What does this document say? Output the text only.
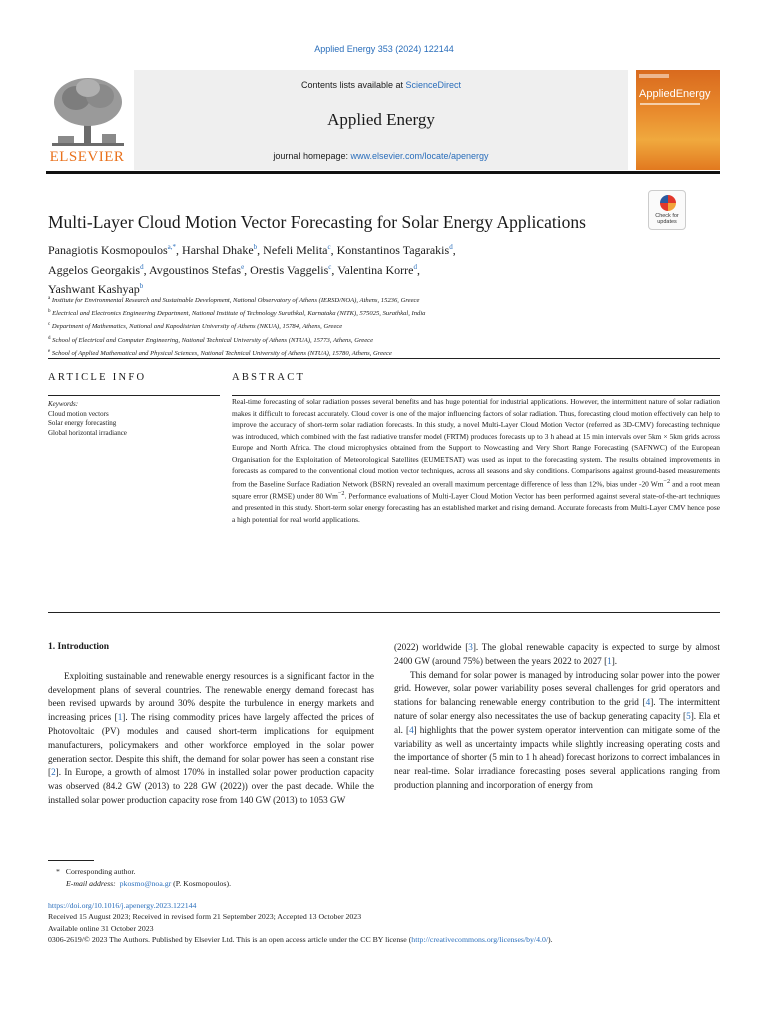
Applied Energy 353 (2024) 122144
ELSEVIER
Contents lists available at ScienceDirect
Applied Energy
journal homepage: www.elsevier.com/locate/apenergy
AppliedEnergy
Multi-Layer Cloud Motion Vector Forecasting for Solar Energy Applications	Check for updates
Panagiotis Kosmopoulos$^{a,*}$, Harshal Dhake$^b$, Nefeli Melita$^c$, Konstantinos Tagarakis$^d$,
Aggelos Georgakis$^d$, Avgoustinos Stefas$^e$, Orestis Vaggelis$^c$, Valentina Korre$^d$,
Yashwant Kashyap$^b$
$^a$ Institute for Environmental Research and Sustainable Development, National Observatory of Athens (IERSD/NOA), Athens, 15236, Greece
$^b$ Electrical and Electronics Engineering Department, National Institute of Technology Surathkal, Karnataka (NITK), 575025, Surathkal, India
$^c$ Department of Mathematics, National and Kapodistrian University of Athens (NKUA), 15784, Athens, Greece
$^d$ School of Electrical and Computer Engineering, National Technical University of Athens (NTUA), 15773, Athens, Greece
$^e$ School of Applied Mathematical and Physical Sciences, National Technical University of Athens (NTUA), 15780, Athens, Greece
ARTICLE INFO	ABSTRACT
Keywords:
Cloud motion vectors
Solar energy forecasting
Global horizontal irradiance
Real-time forecasting of solar radiation posses several benefits and has huge potential for industrial applications. However, the intermittent nature of solar radiation makes it difficult to forecast accurately. Cloud cover is one of the major influencing factors of solar radiation. Thus, forecasting cloud motion effectively can help to improve the accuracy of short-term solar radiation forecasts. In this study, a novel Multi-Layer Cloud Motion Vector (referred as 3D-CMV) forecasting technique was introduced, which combined with the fast radiative transfer model (FRTM) produces forecasts up to 3 h ahead at 15 min intervals over 5km × 5km grids across Europe and North Africa. The cloud microphysics obtained from the Support to Nowcasting and Very Short Range Forecasting (SAFNWC) of the European Organisation for the Exploitation of Meteorological Satellites (EUMETSAT) was used as input to the forecasting system. The results obtained improvements in forecasts as compared to the conventional cloud motion vector techniques, across all seasons and sky conditions. Comparisons against ground-based measurements from the Baseline Surface Radiation Network (BSRN) revealed an overall maximum percentage difference of less than 12%, bias under -20 $Wm^{-2}$ and a root mean square error (RMSE) under 80 $Wm^{-2}$. Performance evaluations of Multi-Layer Cloud Motion Vector has been performed against several state-of-the-art techniques and presented in this study. Short-term solar energy forecasting has an established market and rising demand. Accurate forecasts from Multi-Layer CMV hence pose a high potential for real world applications.
1. Introduction

Exploiting sustainable and renewable energy resources is a significant factor in the development plans of several countries. The renewable energy demand forecast has been revised upwards by around 30% despite the turbulence in energy markets and increasing prices [1]. The rising commodity prices have largely affected the prices of Photovoltaic (PV) modules and caused short-term implications for equipment manufacturers, policymakers and other workforce employed in the solar power generation sector. Despite this shift, the demand for solar power has seen a constant rise [2]. In Europe, a growth of almost 170% in installed solar power production capacity was observed (84.2 GW (2013) to 228 GW (2022)) over the past decade. While the installed solar power production capacity rose from 140 GW (2013) to 1053 GW

(2022) worldwide [3]. The global renewable capacity is expected to surge by almost 2400 GW (around 75%) between the years 2022 to 2027 [1].

This demand for solar power is managed by introducing solar power into the power grid. However, solar power variability poses several challenges for grid operators and stations for balancing renewable energy contribution to the grid [4]. The intermittent nature of solar energy also necessitates the use of backup generating capacity [5]. Ela et al. [4] highlights that the power system operator intervention can mitigate some of the variability as well as uncertainty impacts while slightly increasing operating costs and the importance of shorter (5 min to 1 h ahead) forecast horizons to correct imbalances in near real-time. Solar irradiance forecasting poses several applications ranging from production planning and incorporation of energy from

* Corresponding author.
E-mail address: pkosmo@noa.gr (P. Kosmopoulos).
https://doi.org/10.1016/j.apenergy.2023.122144
Received 15 August 2023; Received in revised form 21 September 2023; Accepted 13 October 2023
Available online 31 October 2023
0306-2619/© 2023 The Authors. Published by Elsevier Ltd. This is an open access article under the CC BY license (http://creativecommons.org/licenses/by/4.0/).
